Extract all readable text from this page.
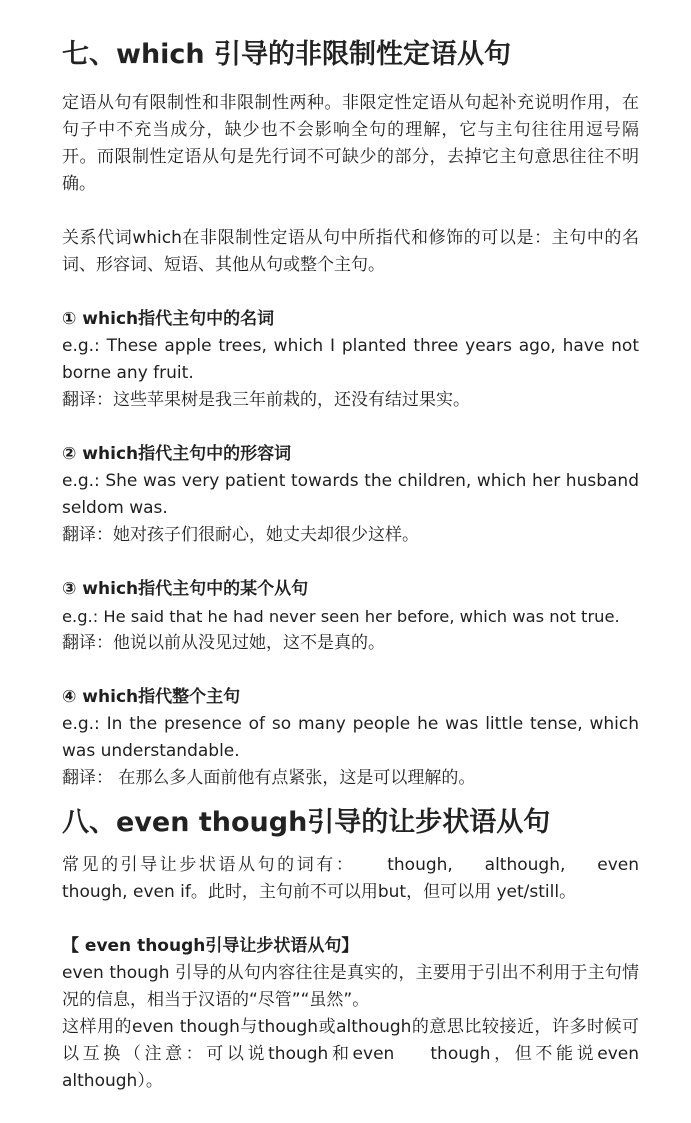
七、which 引导的非限制性定语从句

定语从句有限制性和非限制性两种。非限定性定语从句起补充说明作用，在句子中不充当成分，缺少也不会影响全句的理解，它与主句往往用逗号隔开。而限制性定语从句是先行词不可缺少的部分，去掉它主句意思往往不明确。

关系代词which在非限制性定语从句中所指代和修饰的可以是：主句中的名词、形容词、短语、其他从句或整个主句。

① which指代主句中的名词

e.g.: These apple trees, which I planted three years ago, have not borne any fruit.

翻译：这些苹果树是我三年前栽的，还没有结过果实。

② which指代主句中的形容词

e.g.: She was very patient towards the children, which her husband seldom was.

翻译：她对孩子们很耐心，她丈夫却很少这样。

③ which指代主句中的某个从句

e.g.: He said that he had never seen her before, which was not true.

翻译：他说以前从没见过她，这不是真的。

④ which指代整个主句

e.g.: In the presence of so many people he was little tense, which was understandable.

翻译： 在那么多人面前他有点紧张，这是可以理解的。

八、even though引导的让步状语从句

常见的引导让步状语从句的词有：    though,    although,    even though, even if。此时，主句前不可以用but，但可以用 yet/still。

【 even though引导让步状语从句】

even though 引导的从句内容往往是真实的，主要用于引出不利用于主句情况的信息，相当于汉语的“尽管”“虽然”。

这样用的even though与though或although的意思比较接近，许多时候可以互换（注意：可以说though和even    though，但不能说even although）。
